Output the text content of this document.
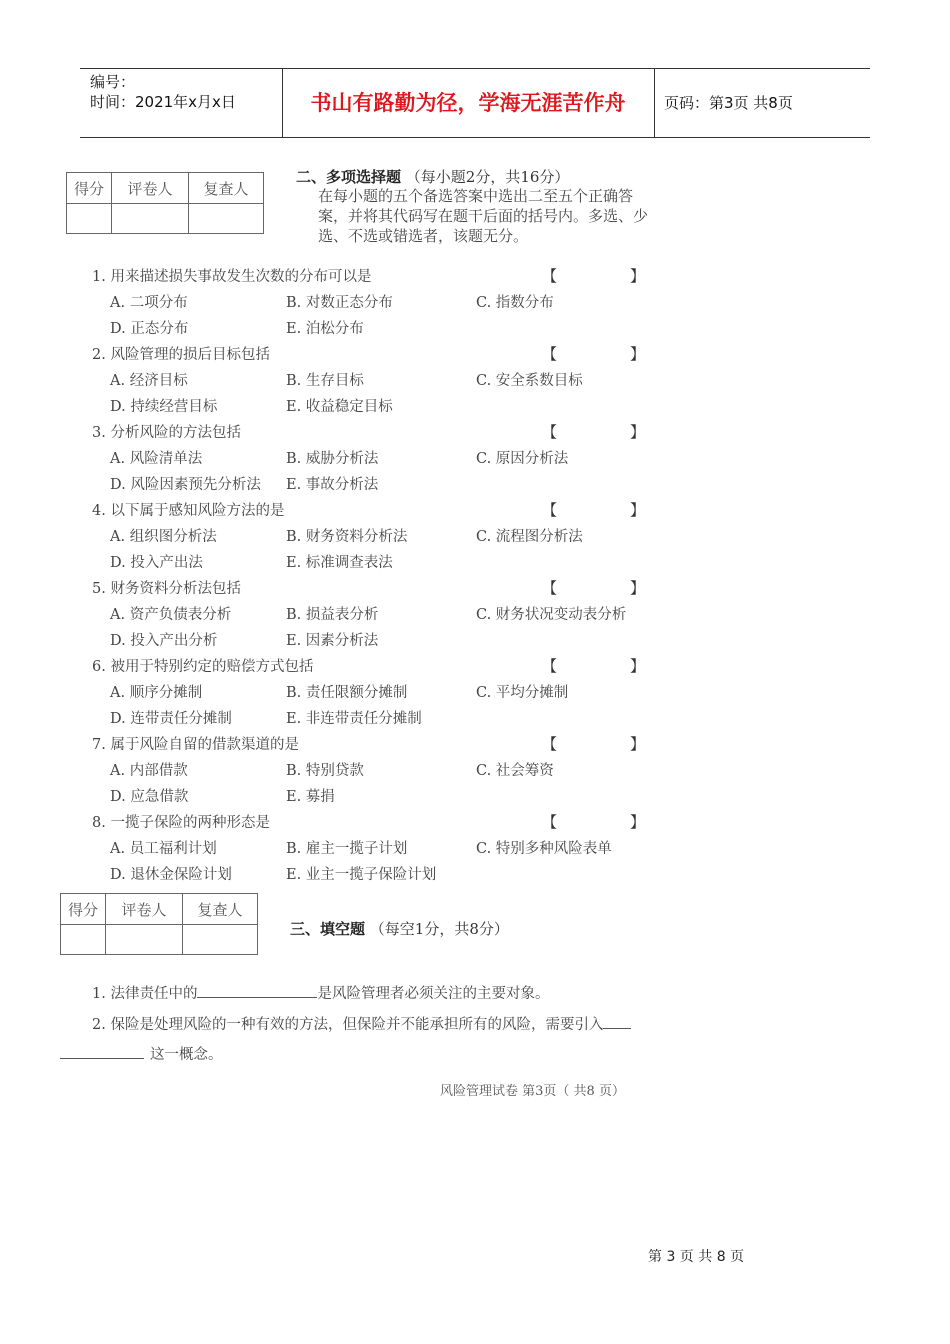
编号：
时间：2021年x月x日	书山有路勤为径，学海无涯苦作舟	页码：第3页 共8页
得分	评卷人	复查人

二、多项选择题 （每小题2分，共16分）
在每小题的五个备选答案中选出二至五个正确答案，并将其代码写在题干后面的括号内。多选、少选、不选或错选者，该题无分。
1. 用来描述损失事故发生次数的分布可以是	【	】
A. 二项分布	B. 对数正态分布	C. 指数分布
D. 正态分布	E. 泊松分布
2. 风险管理的损后目标包括	【	】
A. 经济目标	B. 生存目标	C. 安全系数目标
D. 持续经营目标	E. 收益稳定目标
3. 分析风险的方法包括	【	】
A. 风险清单法	B. 威胁分析法	C. 原因分析法
D. 风险因素预先分析法 E. 事故分析法
4. 以下属于感知风险方法的是	【	】
A. 组织图分析法	B. 财务资料分析法	C. 流程图分析法
D. 投入产出法	E. 标准调查表法
5. 财务资料分析法包括	【	】
A. 资产负债表分析	B. 损益表分析	C. 财务状况变动表分析
D. 投入产出分析	E. 因素分析法
6. 被用于特别约定的赔偿方式包括	【	】
A. 顺序分摊制	B. 责任限额分摊制	C. 平均分摊制
D. 连带责任分摊制	E. 非连带责任分摊制
7. 属于风险自留的借款渠道的是	【	】
A. 内部借款	B. 特别贷款	C. 社会筹资
D. 应急借款	E. 募捐
8. 一揽子保险的两种形态是	【	】
A. 员工福利计划	B. 雇主一揽子计划	C. 特别多种风险表单
D. 退休金保险计划	E. 业主一揽子保险计划
得分	评卷人	复查人

三、填空题 （每空1分，共8分）
1. 法律责任中的	是风险管理者必须关注的主要对象。
2. 保险是处理风险的一种有效的方法，但保险并不能承担所有的风险，需要引入
这一概念。
风险管理试卷 第3页（ 共8 页）
第 3 页 共 8 页
